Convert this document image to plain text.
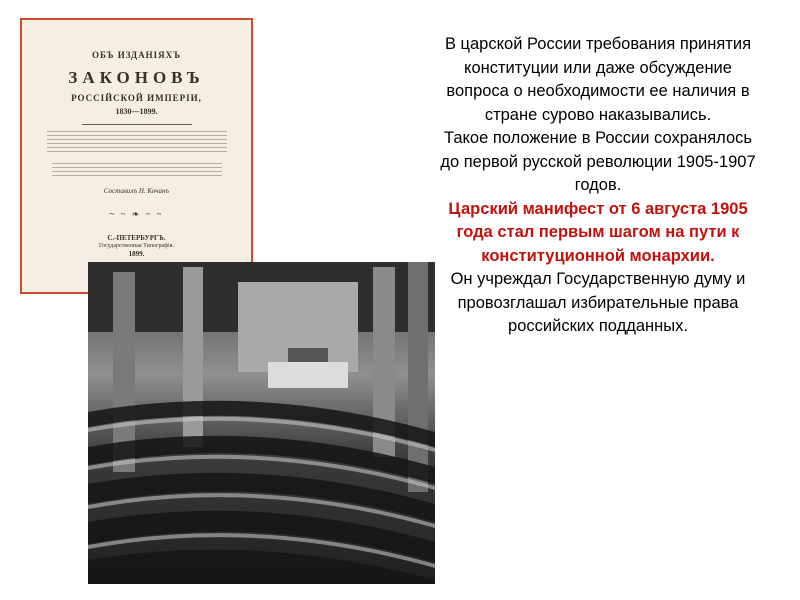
ОБЪ ИЗДАНІЯХЪ
ЗАКОНОВЪ
РОССІЙСКОЙ ИМПЕРІИ,
1830—1899.
Составилъ Н. Кочанъ
~ ~ ❧ ~ ~
С.-ПЕТЕРБУРГЪ.
Государственная Типографія.
1899.

В царской России требования принятия конституции или даже обсуждение вопроса о необходимости ее наличия в стране сурово наказывались.

Такое положение в России сохранялось до первой русской революции 1905-1907 годов.

Царский манифест от 6 августа 1905 года стал первым шагом на пути к конституционной монархии.

Он учреждал Государственную думу и провозглашал избирательные права российских подданных.
